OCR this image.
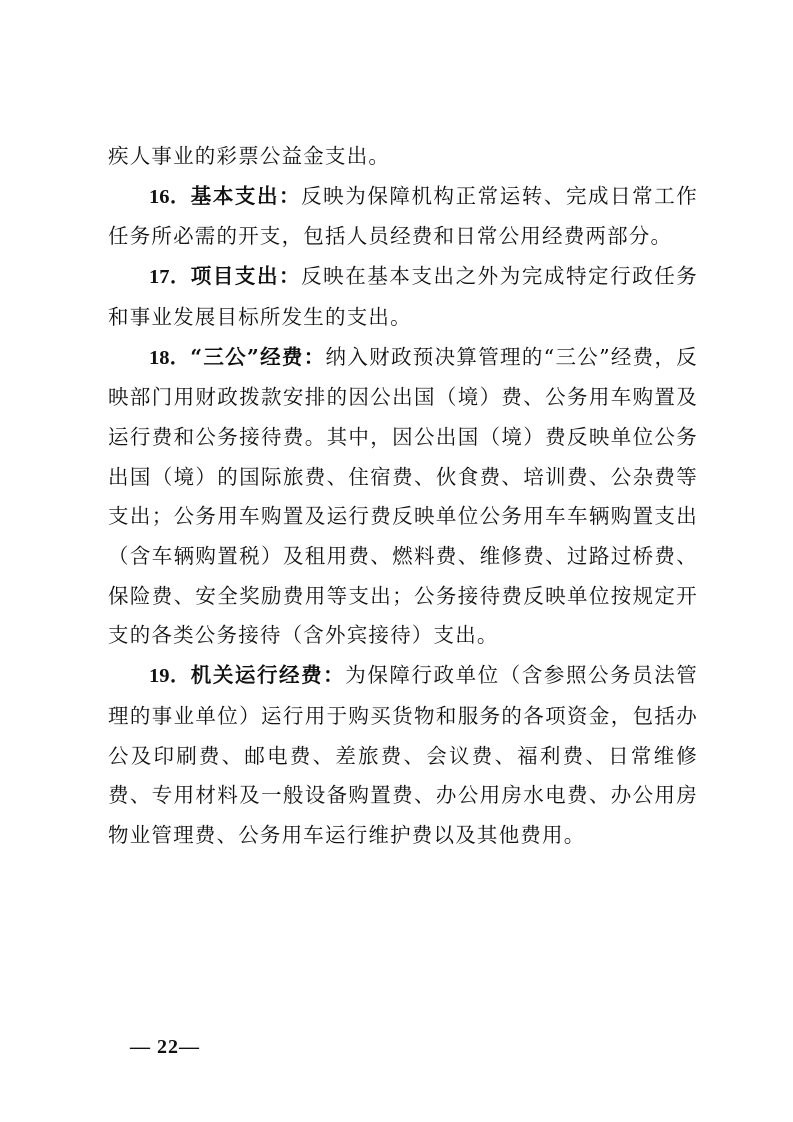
疾人事业的彩票公益金支出。

16．基本支出：反映为保障机构正常运转、完成日常工作任务所必需的开支，包括人员经费和日常公用经费两部分。

17．项目支出：反映在基本支出之外为完成特定行政任务和事业发展目标所发生的支出。

18．“三公”经费：纳入财政预决算管理的“三公”经费，反映部门用财政拨款安排的因公出国（境）费、公务用车购置及运行费和公务接待费。其中，因公出国（境）费反映单位公务出国（境）的国际旅费、住宿费、伙食费、培训费、公杂费等支出；公务用车购置及运行费反映单位公务用车车辆购置支出（含车辆购置税）及租用费、燃料费、维修费、过路过桥费、保险费、安全奖励费用等支出；公务接待费反映单位按规定开支的各类公务接待（含外宾接待）支出。

19．机关运行经费：为保障行政单位（含参照公务员法管理的事业单位）运行用于购买货物和服务的各项资金，包括办公及印刷费、邮电费、差旅费、会议费、福利费、日常维修费、专用材料及一般设备购置费、办公用房水电费、办公用房物业管理费、公务用车运行维护费以及其他费用。

— 22—
